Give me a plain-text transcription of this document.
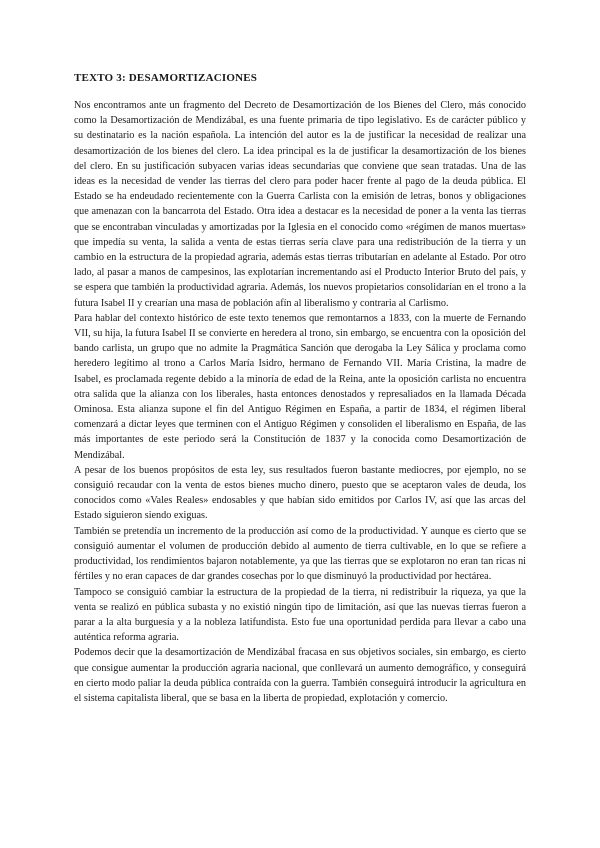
TEXTO 3: DESAMORTIZACIONES

Nos encontramos ante un fragmento del Decreto de Desamortización de los Bienes del Clero, más conocido como la Desamortización de Mendizábal, es una fuente primaria de tipo legislativo. Es de carácter público y su destinatario es la nación española. La intención del autor es la de justificar la necesidad de realizar una desamortización de los bienes del clero. La idea principal es la de justificar la desamortización de los bienes del clero. En su justificación subyacen varias ideas secundarias que conviene que sean tratadas. Una de las ideas es la necesidad de vender las tierras del clero para poder hacer frente al pago de la deuda pública. El Estado se ha endeudado recientemente con la Guerra Carlista con la emisión de letras, bonos y obligaciones que amenazan con la bancarrota del Estado. Otra idea a destacar es la necesidad de poner a la venta las tierras que se encontraban vinculadas y amortizadas por la Iglesia en el conocido como «régimen de manos muertas» que impedía su venta, la salida a venta de estas tierras sería clave para una redistribución de la tierra y un cambio en la estructura de la propiedad agraria, además estas tierras tributarían en adelante al Estado. Por otro lado, al pasar a manos de campesinos, las explotarían incrementando así el Producto Interior Bruto del país, y se espera que también la productividad agraria. Además, los nuevos propietarios consolidarían en el trono a la futura Isabel II y crearían una masa de población afín al liberalismo y contraria al Carlismo.

Para hablar del contexto histórico de este texto tenemos que remontarnos a 1833, con la muerte de Fernando VII, su hija, la futura Isabel II se convierte en heredera al trono, sin embargo, se encuentra con la oposición del bando carlista, un grupo que no admite la Pragmática Sanción que derogaba la Ley Sálica y proclama como heredero legítimo al trono a Carlos María Isidro, hermano de Fernando VII. María Cristina, la madre de Isabel, es proclamada regente debido a la minoría de edad de la Reina, ante la oposición carlista no encuentra otra salida que la alianza con los liberales, hasta entonces denostados y represaliados en la llamada Década Ominosa. Esta alianza supone el fin del Antiguo Régimen en España, a partir de 1834, el régimen liberal comenzará a dictar leyes que terminen con el Antiguo Régimen y consoliden el liberalismo en España, de las más importantes de este periodo será la Constitución de 1837 y la conocida como Desamortización de Mendizábal.

A pesar de los buenos propósitos de esta ley, sus resultados fueron bastante mediocres, por ejemplo, no se consiguió recaudar con la venta de estos bienes mucho dinero, puesto que se aceptaron vales de deuda, los conocidos como «Vales Reales» endosables y que habían sido emitidos por Carlos IV, así que las arcas del Estado siguieron siendo exiguas.

También se pretendía un incremento de la producción así como de la productividad. Y aunque es cierto que se consiguió aumentar el volumen de producción debido al aumento de tierra cultivable, en lo que se refiere a productividad, los rendimientos bajaron notablemente, ya que las tierras que se explotaron no eran tan ricas ni fértiles y no eran capaces de dar grandes cosechas por lo que disminuyó la productividad por hectárea.

Tampoco se consiguió cambiar la estructura de la propiedad de la tierra, ni redistribuir la riqueza, ya que la venta se realizó en pública subasta y no existió ningún tipo de limitación, así que las nuevas tierras fueron a parar a la alta burguesía y a la nobleza latifundista. Esto fue una oportunidad perdida para llevar a cabo una auténtica reforma agraria.

Podemos decir que la desamortización de Mendizábal fracasa en sus objetivos sociales, sin embargo, es cierto que consigue aumentar la producción agraria nacional, que conllevará un aumento demográfico, y conseguirá en cierto modo paliar la deuda pública contraída con la guerra. También conseguirá introducir la agricultura en el sistema capitalista liberal, que se basa en la liberta de propiedad, explotación y comercio.
